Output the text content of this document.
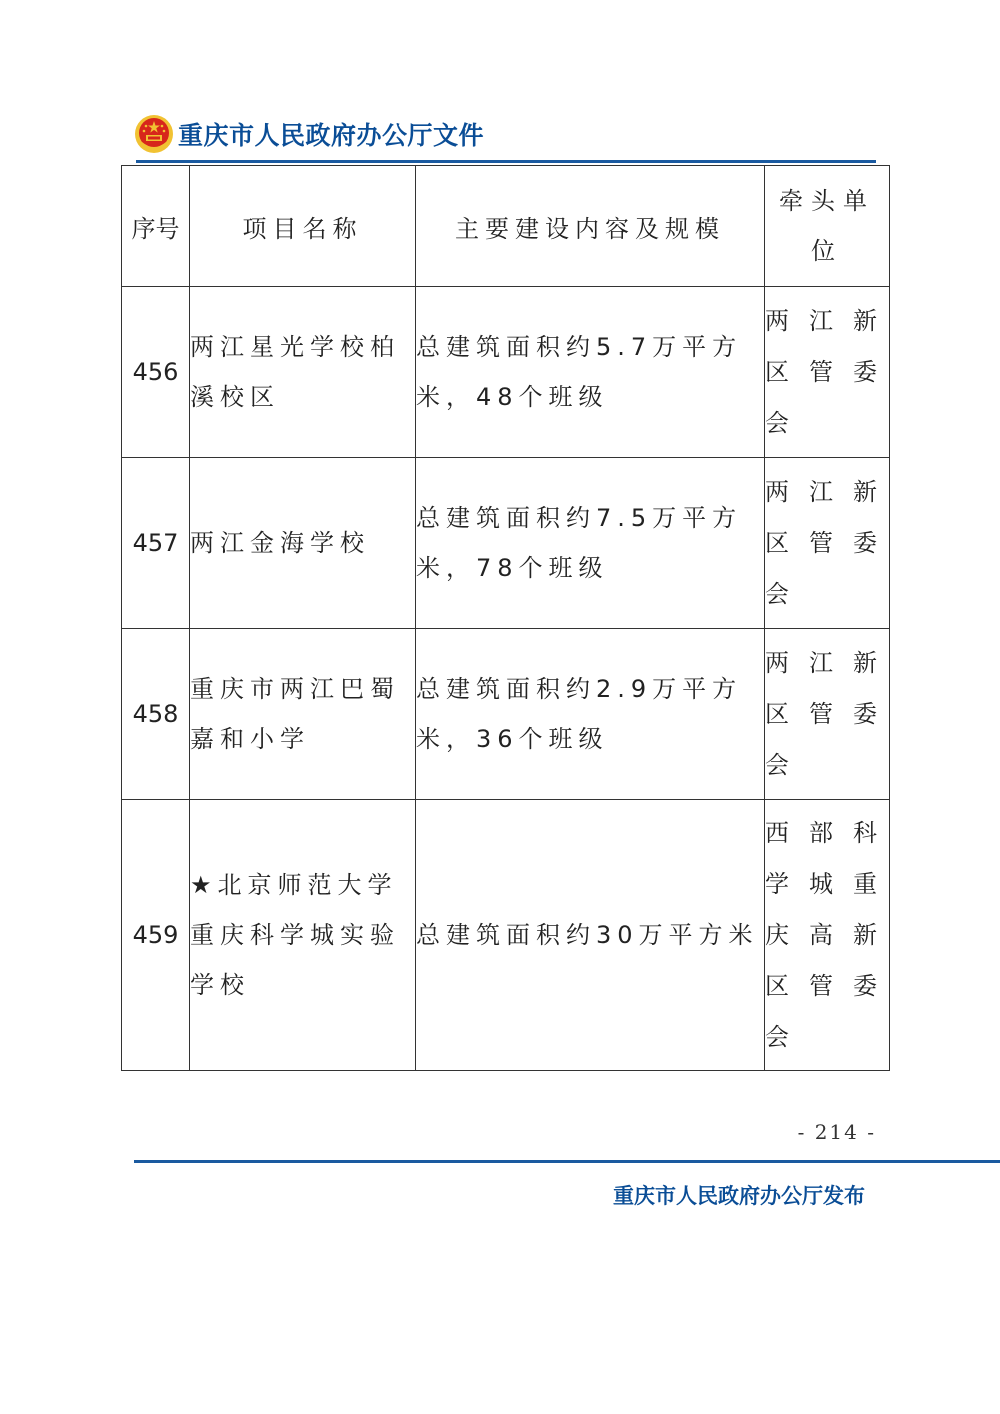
重庆市人民政府办公厅文件
序号	项目名称	主要建设内容及规模	牵头单位
456	两江星光学校柏溪校区	总建筑面积约5.7万平方米，48个班级	两江新区管委会
457	两江金海学校	总建筑面积约7.5万平方米，78个班级	两江新区管委会
458	重庆市两江巴蜀嘉和小学	总建筑面积约2.9万平方米，36个班级	两江新区管委会
459	★北京师范大学重庆科学城实验学校	总建筑面积约30万平方米	西部科学城重庆高新区管委会
- 214 -
重庆市人民政府办公厅发布
